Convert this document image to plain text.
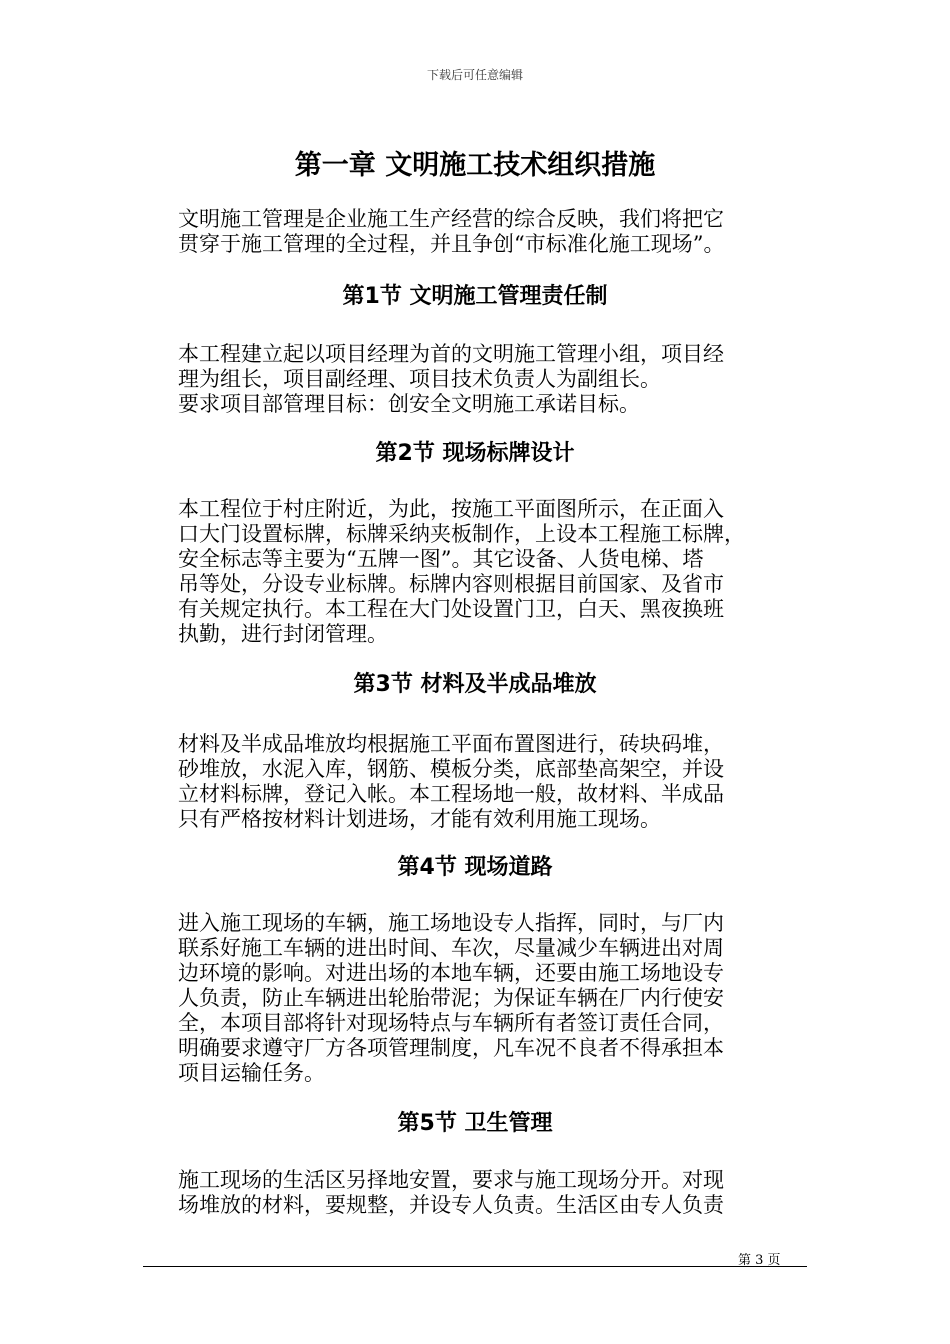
下载后可任意编辑
第一章 文明施工技术组织措施

文明施工管理是企业施工生产经营的综合反映，我们将把它
贯穿于施工管理的全过程，并且争创“市标准化施工现场”。

第1节 文明施工管理责任制

本工程建立起以项目经理为首的文明施工管理小组，项目经
理为组长，项目副经理、项目技术负责人为副组长。
要求项目部管理目标：创安全文明施工承诺目标。

第2节 现场标牌设计

本工程位于村庄附近，为此，按施工平面图所示，在正面入
口大门设置标牌，标牌采纳夹板制作，上设本工程施工标牌，
安全标志等主要为“五牌一图”。其它设备、人货电梯、塔
吊等处，分设专业标牌。标牌内容则根据目前国家、及省市
有关规定执行。本工程在大门处设置门卫，白天、黑夜换班
执勤，进行封闭管理。

第3节 材料及半成品堆放

材料及半成品堆放均根据施工平面布置图进行，砖块码堆，
砂堆放，水泥入库，钢筋、模板分类，底部垫高架空，并设
立材料标牌，登记入帐。本工程场地一般，故材料、半成品
只有严格按材料计划进场，才能有效利用施工现场。

第4节 现场道路

进入施工现场的车辆，施工场地设专人指挥，同时，与厂内
联系好施工车辆的进出时间、车次，尽量减少车辆进出对周
边环境的影响。对进出场的本地车辆，还要由施工场地设专
人负责，防止车辆进出轮胎带泥；为保证车辆在厂内行使安
全，本项目部将针对现场特点与车辆所有者签订责任合同，
明确要求遵守厂方各项管理制度，凡车况不良者不得承担本
项目运输任务。

第5节 卫生管理

施工现场的生活区另择地安置，要求与施工现场分开。对现
场堆放的材料，要规整，并设专人负责。生活区由专人负责

第 3 页
